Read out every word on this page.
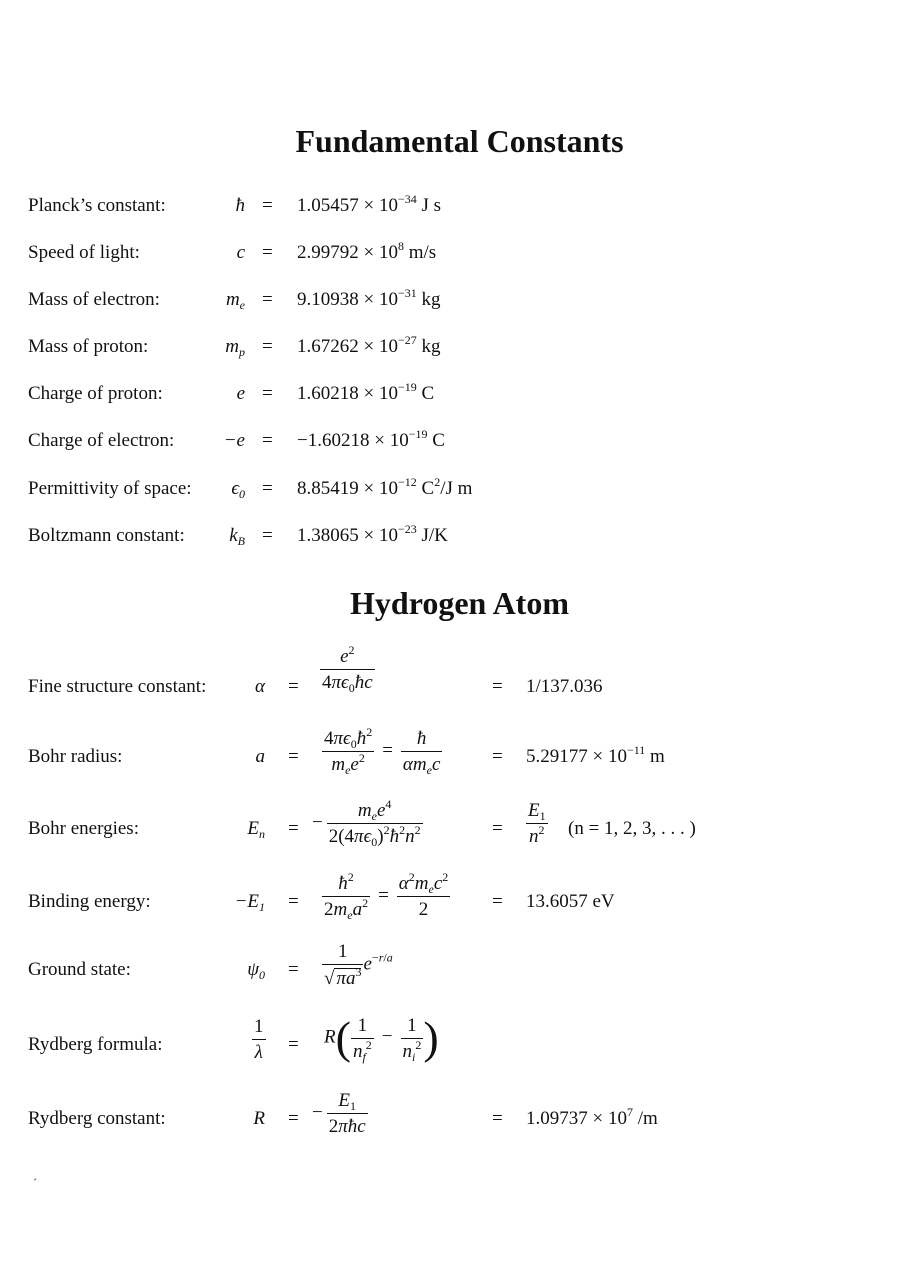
Fundamental Constants
Planck’s constant:	ħ = $1.05457 \times 10^{-34}$ J s
Speed of light:	$c = 2.99792 \times 10^8$ m/s
Mass of electron:	$m_e = 9.10938 \times 10^{-31}$ kg
Mass of proton:	$m_p = 1.67262 \times 10^{-27}$ kg
Charge of proton:	$e = 1.60218 \times 10^{-19}$ C
Charge of electron:	$-e = -1.60218 \times 10^{-19}$ C
Permittivity of space:	$\epsilon_0 = 8.85419 \times 10^{-12}$ $C^2/J$ m
Boltzmann constant:	$k_B = 1.38065 \times 10^{-23}$ J/K
Hydrogen Atom
Fine structure constant:	$\alpha = \frac{e^2}{4\pi\epsilon_0ħc}$	= 1/137.036
Bohr radius:	$a = \frac{4\pi\epsilon_0ħ^2}{m_ee^2} = \frac{ħ}{\alpha m_ec}$	= $5.29177 \times 10^{-11}$ m
Bohr energies:	$E_n$ = − $\frac{m_ee^4}{2(4\pi\epsilon_0)^2ħ^2n^2}$	= $\frac{E_1}{n^2} (n = 1$, 2, 3, . . . )
Binding energy:	$-E_1 = \frac{ħ^2}{2m_ea^2} = \frac{\alpha^2m_ec^2}{2} = 13.6057$ eV
Ground state:	$\psi_0 = \frac{1}{√ \pi a^3} e^{-r/a}$
Rydberg formula:	$\frac{1}{\lambda} = R( \frac{1}{n_f^2} - \frac{1}{n_i^2}$ )
Rydberg constant:	R = − $\frac{E_1}{\text{2πħc}}$	= $1.09737 \times 10^7$ /m
ˊ
